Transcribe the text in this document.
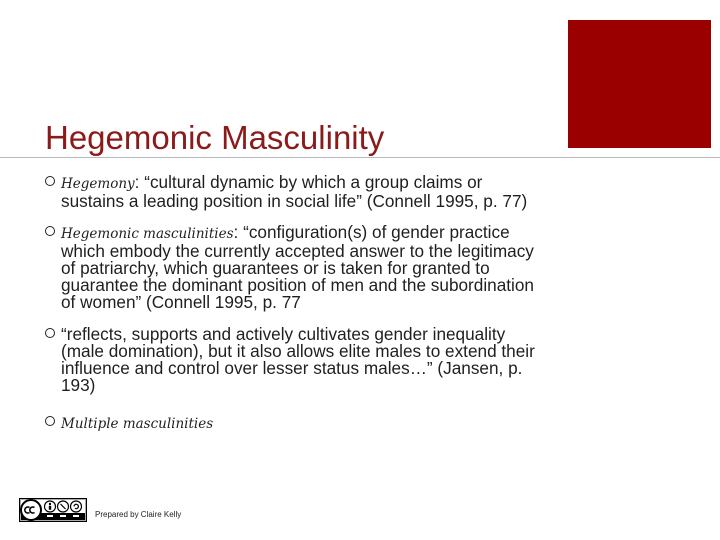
Hegemonic Masculinity
Hegemony: “cultural dynamic by which a group claims or sustains a leading position in social life” (Connell 1995, p. 77)
Hegemonic masculinities: “configuration(s) of gender practice which embody the currently accepted answer to the legitimacy of patriarchy, which guarantees or is taken for granted to guarantee the dominant position of men and the subordination of women” (Connell 1995, p. 77
“reflects, supports and actively cultivates gender inequality (male domination), but it also allows elite males to extend their influence and control over lesser status males…” (Jansen, p. 193)
Multiple masculinities
Prepared by Claire Kelly
